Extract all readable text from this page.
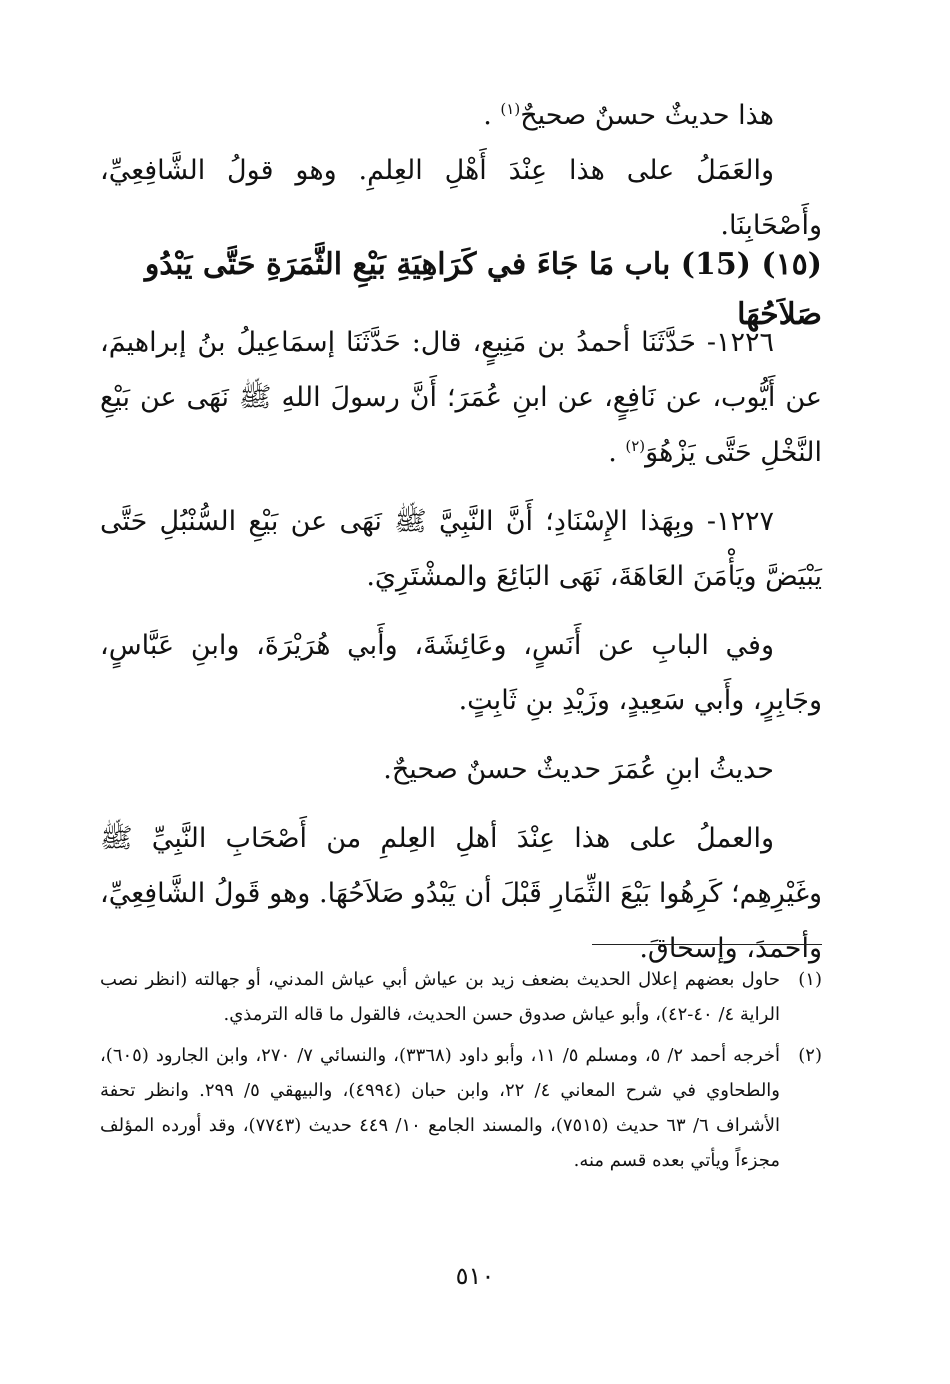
هذا حديثٌ حسنٌ صحيحٌ$^{(١)}$ .

والعَمَلُ على هذا عِنْدَ أَهْلِ العِلمِ. وهو قولُ الشَّافِعِيِّ، وأَصْحَابِنَا.

(١٥) (15) باب مَا جَاءَ في كَرَاهِيَةِ بَيْعِ الثَّمَرَةِ حَتَّى يَبْدُو صَلاَحُهَا

١٢٢٦- حَدَّثَنَا أحمدُ بن مَنِيعٍ، قال: حَدَّثَنَا إسمَاعِيلُ بنُ إبراهيمَ، عن أَيُّوب، عن نَافِعٍ، عن ابنِ عُمَرَ؛ أَنَّ رسولَ اللهِ ﷺ نَهَى عن بَيْعِ النَّخْلِ حَتَّى يَزْهُوَ$^{(٢)}$ .

١٢٢٧- وبِهَذا الإِسْنَادِ؛ أَنَّ النَّبِيَّ ﷺ نَهَى عن بَيْعِ السُّنْبُلِ حَتَّى يَبْيَضَّ ويَأْمَنَ العَاهَةَ، نَهَى البَائِعَ والمشْتَرِيَ.

وفي البابِ عن أَنَسٍ، وعَائِشَةَ، وأَبي هُرَيْرَةَ، وابنِ عَبَّاسٍ، وجَابِرٍ، وأَبي سَعِيدٍ، وزَيْدِ بنِ ثَابِتٍ.

حديثُ ابنِ عُمَرَ حديثٌ حسنٌ صحيحٌ.

والعملُ على هذا عِنْدَ أهلِ العِلمِ من أَصْحَابِ النَّبِيِّ ﷺ وغَيْرِهِم؛ كَرِهُوا بَيْعَ الثِّمَارِ قَبْلَ أن يَبْدُو صَلاَحُهَا. وهو قَولُ الشَّافِعِيِّ، وأحمدَ، وإسحاقَ.

(١)
حاول بعضهم إعلال الحديث بضعف زيد بن عياش أبي عياش المدني، أو جهالته (انظر نصب الراية ٤/ ٤٠-٤٢)، وأبو عياش صدوق حسن الحديث، فالقول ما قاله الترمذي.
(٢)
أخرجه أحمد ٢/ ٥، ومسلم ٥/ ١١، وأبو داود (٣٣٦٨)، والنسائي ٧/ ٢٧٠، وابن الجارود (٦٠٥)، والطحاوي في شرح المعاني ٤/ ٢٢، وابن حبان (٤٩٩٤)، والبيهقي ٥/ ٢٩٩. وانظر تحفة الأشراف ٦/ ٦٣ حديث (٧٥١٥)، والمسند الجامع ١٠/ ٤٤٩ حديث (٧٧٤٣)، وقد أورده المؤلف مجزءاً ويأتي بعده قسم منه.
٥١٠
